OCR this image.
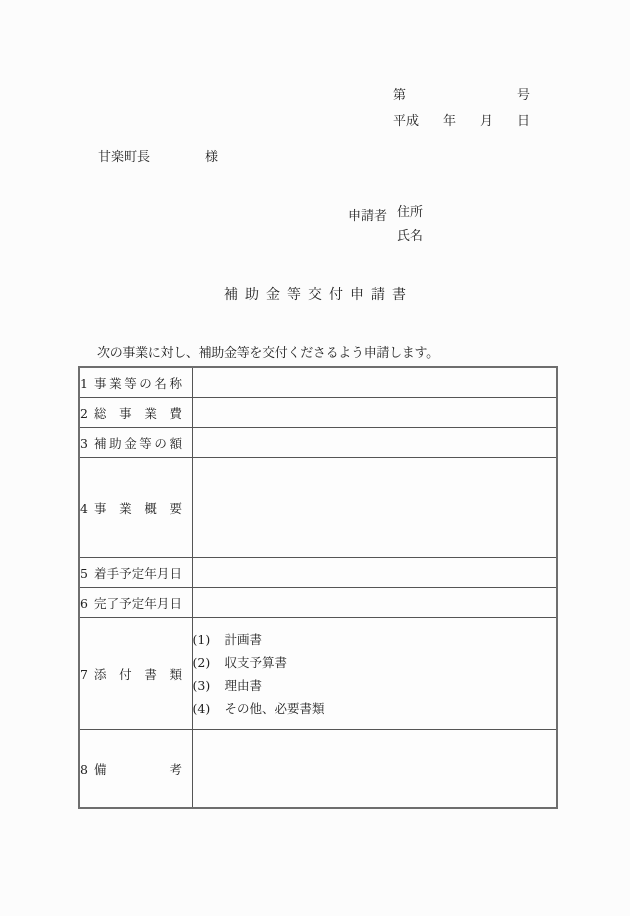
第	号
平成 年 月 日
甘楽町長	様
申請者 住所
氏名
補助金等交付申請書
次の事業に対し、補助金等を交付くださるよう申請します。
1 事業等の名称	
2 総事業費	
3 補助金等の額	
4 事業概要	
5 着手予定年月日	
6 完了予定年月日	
7 添付書類	(1) 計画書
(2) 収支予算書
(3) 理由書
(4) その他、必要書類

8 備考	
